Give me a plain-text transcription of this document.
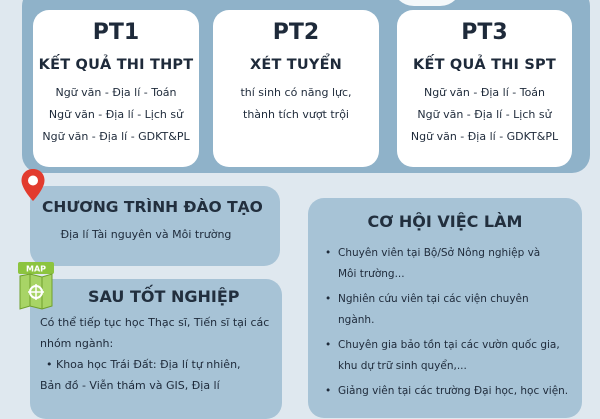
PT1
KẾT QUẢ THI THPT
Ngữ văn - Địa lí - Toán
Ngữ văn - Địa lí - Lịch sử
Ngữ văn - Địa lí - GDKT&PL
PT2
XÉT TUYỂN
thí sinh có năng lực,
thành tích vượt trội
PT3
KẾT QUẢ THI SPT
Ngữ văn - Địa lí - Toán
Ngữ văn - Địa lí - Lịch sử
Ngữ văn - Địa lí - GDKT&PL
CHƯƠNG TRÌNH ĐÀO TẠO
Địa lí Tài nguyên và Môi trường
SAU TỐT NGHIỆP
Có thể tiếp tục học Thạc sĩ, Tiến sĩ tại các
nhóm ngành:
• Khoa học Trái Đất: Địa lí tự nhiên,
Bản đồ - Viễn thám và GIS, Địa lí
MAP
CƠ HỘI VIỆC LÀM
• Chuyên viên tại Bộ/Sở Nông nghiệp và
Môi trường...
• Nghiên cứu viên tại các viện chuyên
ngành.
• Chuyên gia bảo tồn tại các vườn quốc gia,
khu dự trữ sinh quyển,...
• Giảng viên tại các trường Đại học, học viện.
